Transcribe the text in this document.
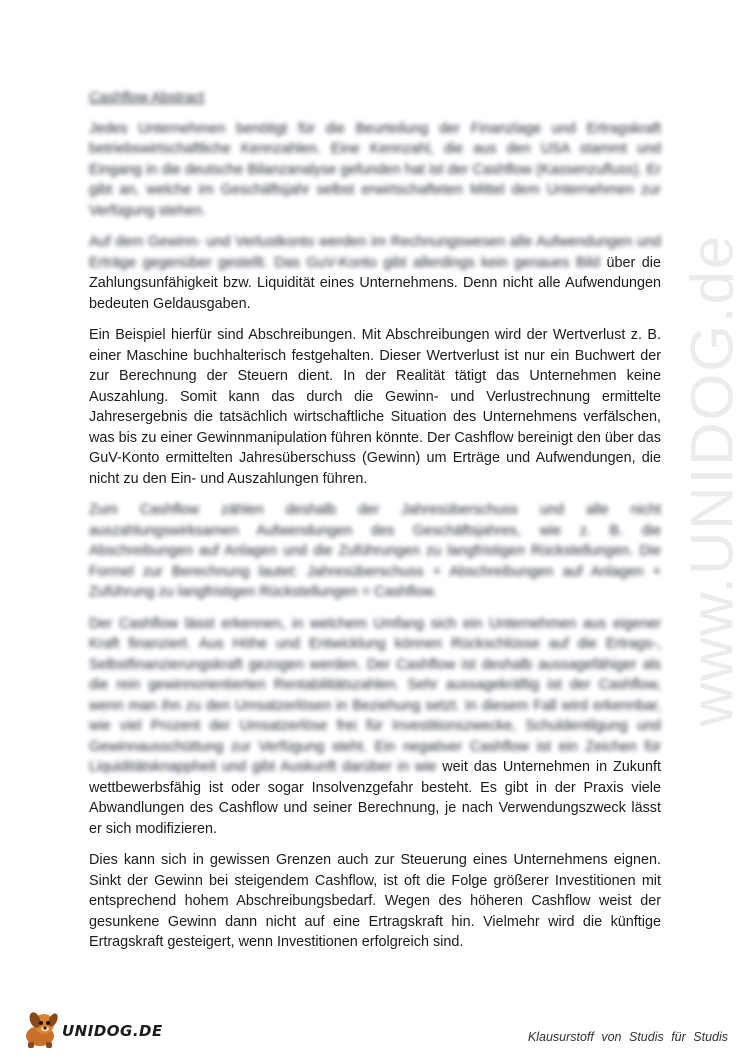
www.UNIDOG.de
Cashflow Abstract

Jedes Unternehmen benötigt für die Beurteilung der Finanzlage und Ertragskraft betriebswirtschaftliche Kennzahlen. Eine Kennzahl, die aus den USA stammt und Eingang in die deutsche Bilanzanalyse gefunden hat ist der Cashflow (Kassenzufluss). Er gibt an, welche im Geschäftsjahr selbst erwirtschafteten Mittel dem Unternehmen zur Verfügung stehen.

Auf dem Gewinn- und Verlustkonto werden im Rechnungswesen alle Aufwendungen und Erträge gegenüber gestellt. Das GuV-Konto gibt allerdings kein genaues Bild über die Zahlungsunfähigkeit bzw. Liquidität eines Unternehmens. Denn nicht alle Aufwendungen bedeuten Geldausgaben.

Ein Beispiel hierfür sind Abschreibungen. Mit Abschreibungen wird der Wertverlust z. B. einer Maschine buchhalterisch festgehalten. Dieser Wertverlust ist nur ein Buchwert der zur Berechnung der Steuern dient. In der Realität tätigt das Unternehmen keine Auszahlung. Somit kann das durch die Gewinn- und Verlustrechnung ermittelte Jahresergebnis die tatsächlich wirtschaftliche Situation des Unternehmens verfälschen, was bis zu einer Gewinnmanipulation führen könnte. Der Cashflow bereinigt den über das GuV-Konto ermittelten Jahresüberschuss (Gewinn) um Erträge und Aufwendungen, die nicht zu den Ein- und Auszahlungen führen.

Zum Cashflow zählen deshalb der Jahresüberschuss und alle nicht auszahlungswirksamen Aufwendungen des Geschäftsjahres, wie z. B. die Abschreibungen auf Anlagen und die Zuführungen zu langfristigen Rückstellungen. Die Formel zur Berechnung lautet: Jahresüberschuss + Abschreibungen auf Anlagen + Zuführung zu langfristigen Rückstellungen = Cashflow.

Der Cashflow lässt erkennen, in welchem Umfang sich ein Unternehmen aus eigener Kraft finanziert. Aus Höhe und Entwicklung können Rückschlüsse auf die Ertrags-, Selbstfinanzierungskraft gezogen werden. Der Cashflow ist deshalb aussagefähiger als die rein gewinnorientierten Rentabilitätszahlen. Sehr aussagekräftig ist der Cashflow, wenn man ihn zu den Umsatzerlösen in Beziehung setzt. In diesem Fall wird erkennbar, wie viel Prozent der Umsatzerlöse frei für Investitionszwecke, Schuldentilgung und Gewinnausschüttung zur Verfügung steht. Ein negativer Cashflow ist ein Zeichen für Liquiditätsknappheit und gibt Auskunft darüber in wie weit das Unternehmen in Zukunft wettbewerbsfähig ist oder sogar Insolvenzgefahr besteht. Es gibt in der Praxis viele Abwandlungen des Cashflow und seiner Berechnung, je nach Verwendungszweck lässt er sich modifizieren.

Dies kann sich in gewissen Grenzen auch zur Steuerung eines Unternehmens eignen. Sinkt der Gewinn bei steigendem Cashflow, ist oft die Folge größerer Investitionen mit entsprechend hohem Abschreibungsbedarf. Wegen des höheren Cashflow weist der gesunkene Gewinn dann nicht auf eine Ertragskraft hin. Vielmehr wird die künftige Ertragskraft gesteigert, wenn Investitionen erfolgreich sind.

UNIDOG.DE	Klausurstoff von Studis für Studis
